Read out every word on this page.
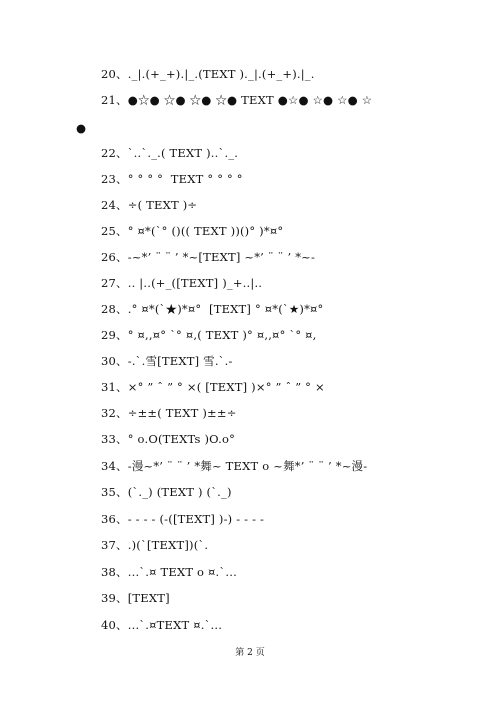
20、._|.(+_+).|_.(TEXT )._|.(+_+).|_.
21、●☆● ☆● ☆● ☆● TEXT ●☆● ☆● ☆● ☆
●
22、`..`._.( TEXT )..`._.
23、° ° ° °  TEXT ° ° ° °
24、÷( TEXT )÷
25、° ¤*(`° ()(( TEXT ))()° )*¤°
26、-~*’ ¨ ¨ ’ *~[TEXT] ~*’ ¨ ¨ ’ *~-
27、.. |..(+_([TEXT] )_+..|..
28、.° ¤*(`★)*¤°  [TEXT] ° ¤*(`★)*¤°
29、° ¤,,¤° `° ¤,( TEXT )° ¤,,¤° `° ¤,
30、-.`.雪[TEXT] 雪.`.-
31、×° ” ˆ ” ° ×( [TEXT] )×° ” ˆ ” ° ×
32、÷±±( TEXT )±±÷
33、° o.O(TEXTs )O.o°
34、-漫~*’ ¨ ¨ ’ *舞~ TEXT o ~舞*’ ¨ ¨ ’ *~漫-
35、(`._) (TEXT ) (`._)
36、- - - - (-([TEXT] )-) - - - -
37、.)(`[TEXT])(`.
38、...`.¤ TEXT o ¤.`...
39、[TEXT]
40、...`.¤TEXT ¤.`...
第 2 页
